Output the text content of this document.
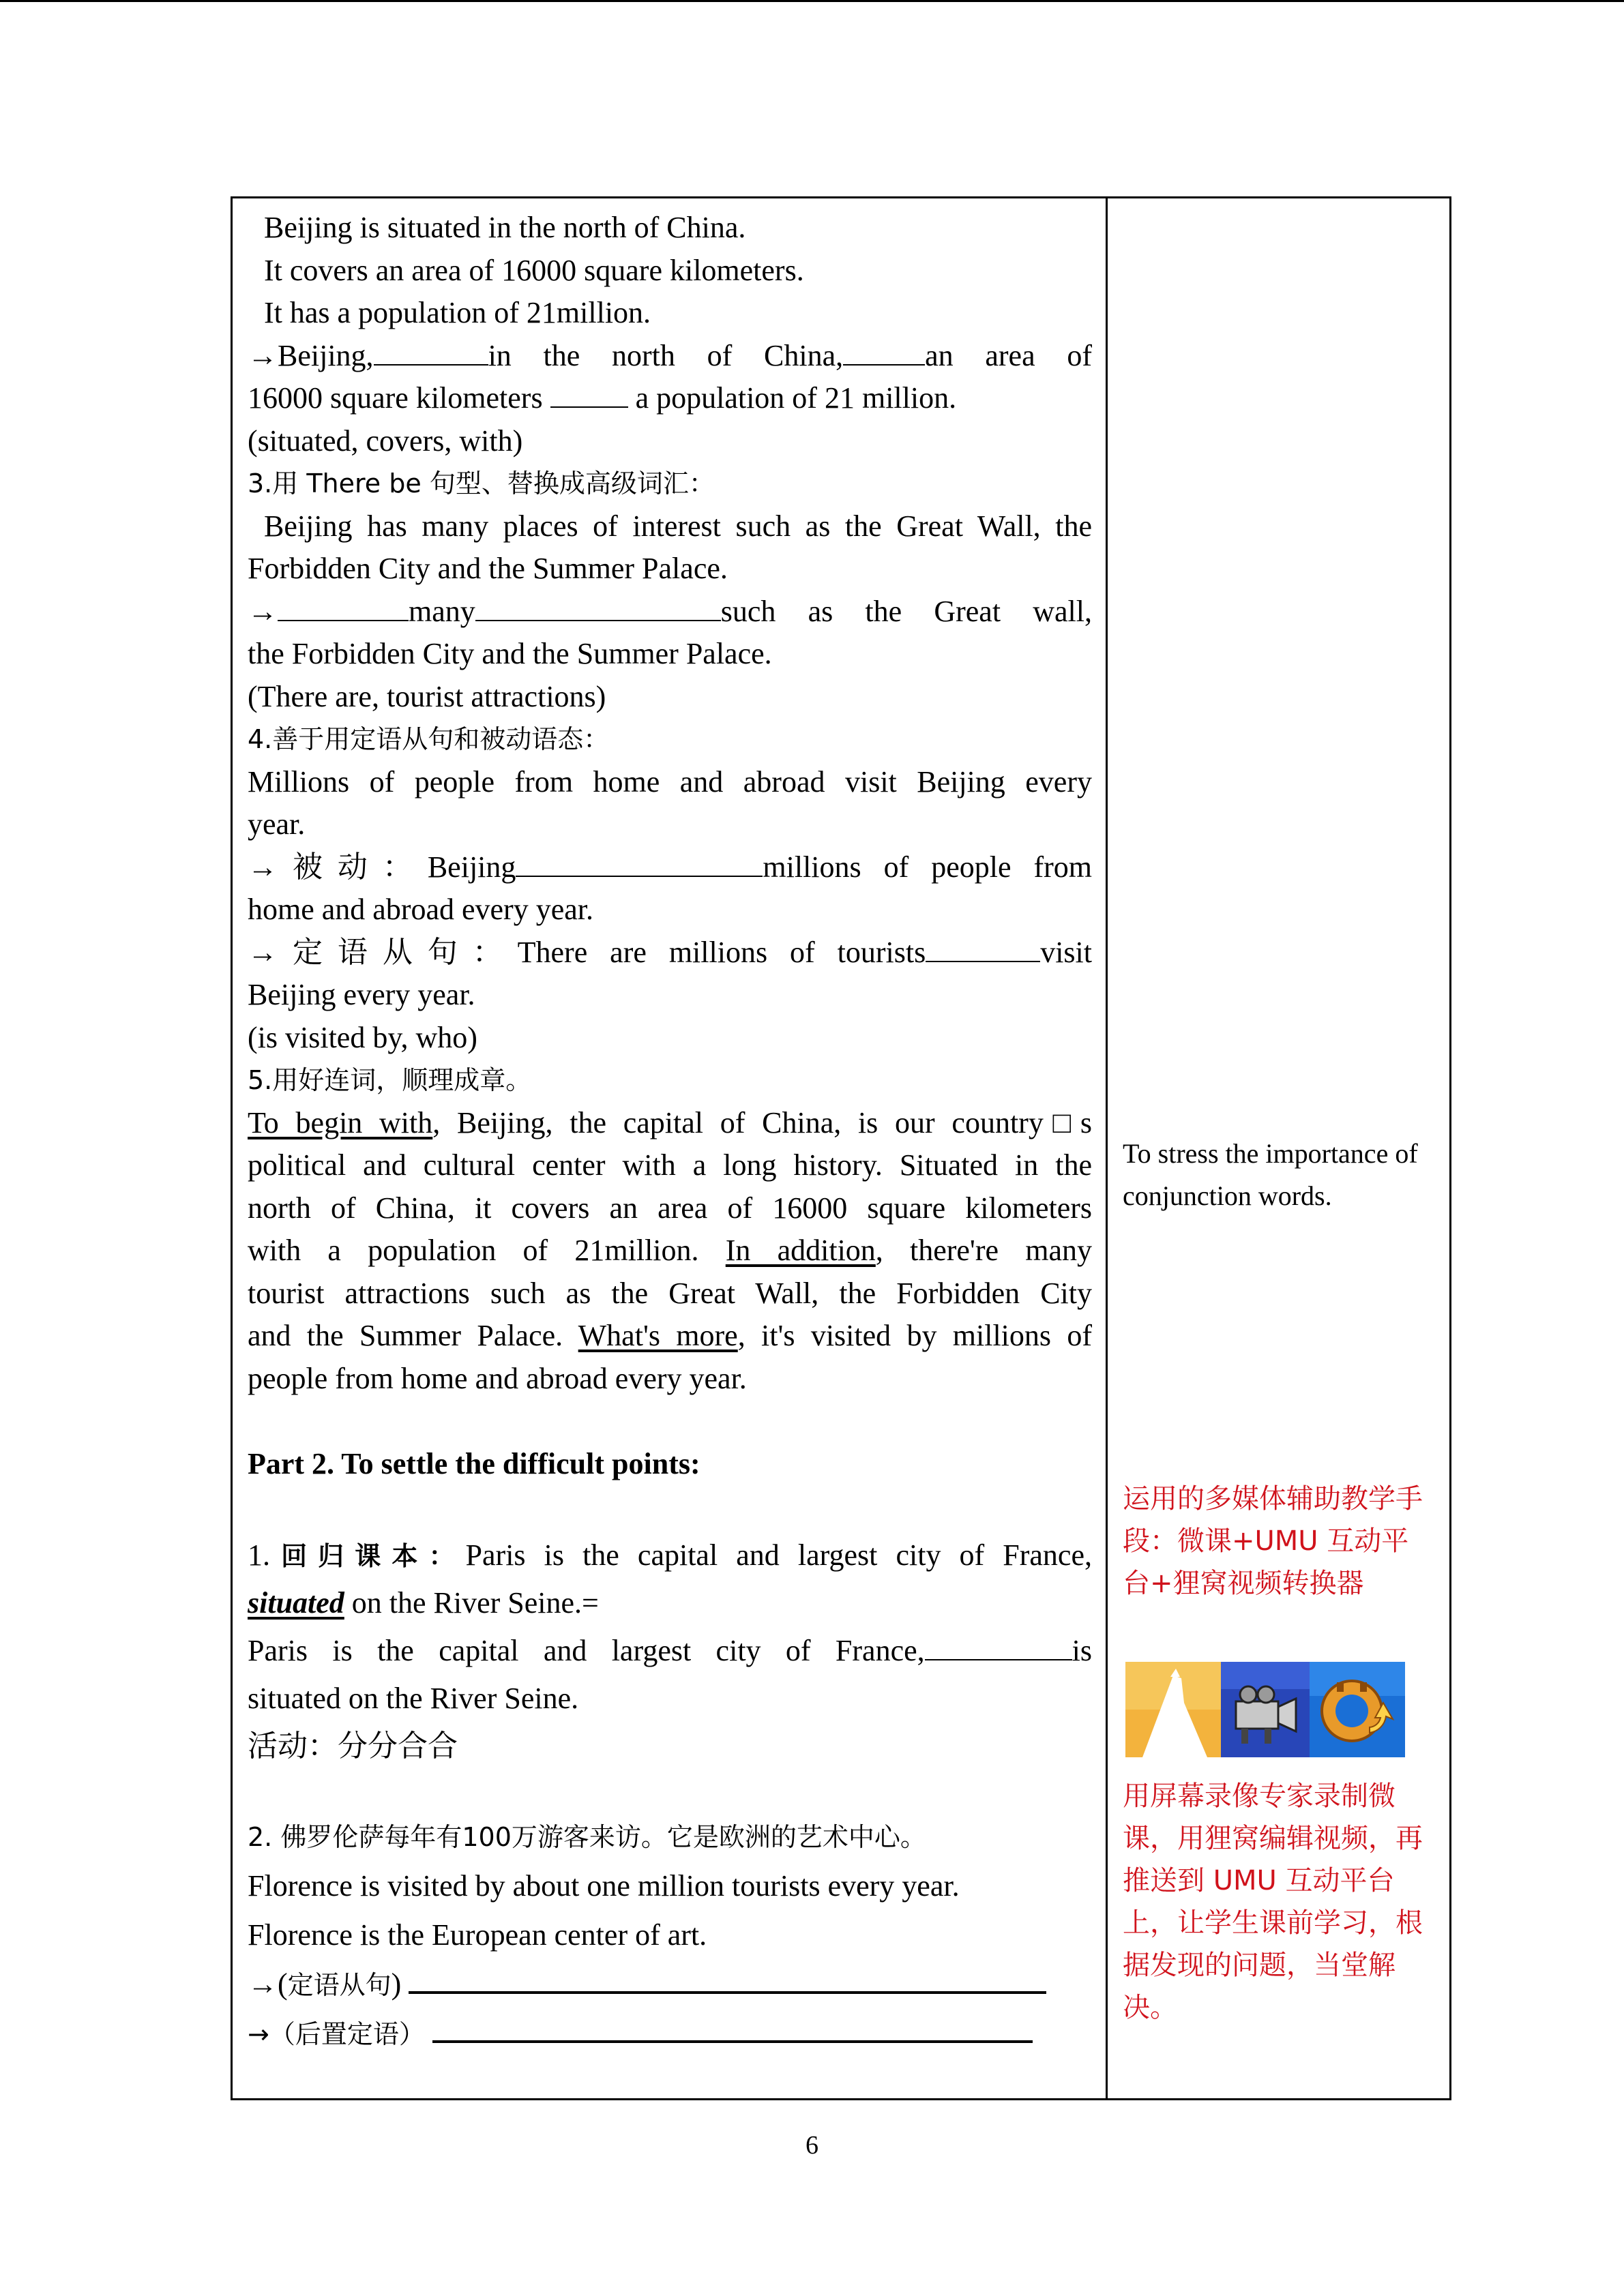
Beijing is situated in the north of China.
It covers an area of 16000 square kilometers.
It has a population of 21million.
→Beijing,	in the north of China,	an area of
16000 square kilometers	a population of 21 million.
(situated, covers, with)
3.用 There be 句型、替换成高级词汇：
Beijing has many places of interest such as the Great Wall, the
Forbidden City and the Summer Palace.
→	many	such as the Great wall,
the Forbidden City and the Summer Palace.
(There are, tourist attractions)
4.善于用定语从句和被动语态：
Millions of people from home and abroad visit Beijing every
year.
→被动：Beijing	millions of people from
home and abroad every year.
→定语从句：There are millions of tourists	visit
Beijing every year.
(is visited by, who)
5.用好连词，顺理成章。
To begin with, Beijing, the capital of China, is our country□s
political and cultural center with a long history. Situated in the
north of China, it covers an area of 16000 square kilometers
with a population of 21million. In addition, there're many
tourist attractions such as the Great Wall, the Forbidden City
and the Summer Palace. What's more, it's visited by millions of
people from home and abroad every year.
Part 2. To settle the difficult points:
1.回归课本：Paris is the capital and largest city of France,
situated on the River Seine.=
Paris is the capital and largest city of France,	is
situated on the River Seine.
活动：分分合合
2. 佛罗伦萨每年有100万游客来访。它是欧洲的艺术中心。
Florence is visited by about one million tourists every year.
Florence is the European center of art.
→(定语从句)
→（后置定语）
To stress the importance of
conjunction words.
运用的多媒体辅助教学手
段：微课+UMU 互动平
台+狸窝视频转换器
用屏幕录像专家录制微
课，用狸窝编辑视频，再
推送到 UMU 互动平台
上，让学生课前学习，根
据发现的问题，当堂解
决。
6
